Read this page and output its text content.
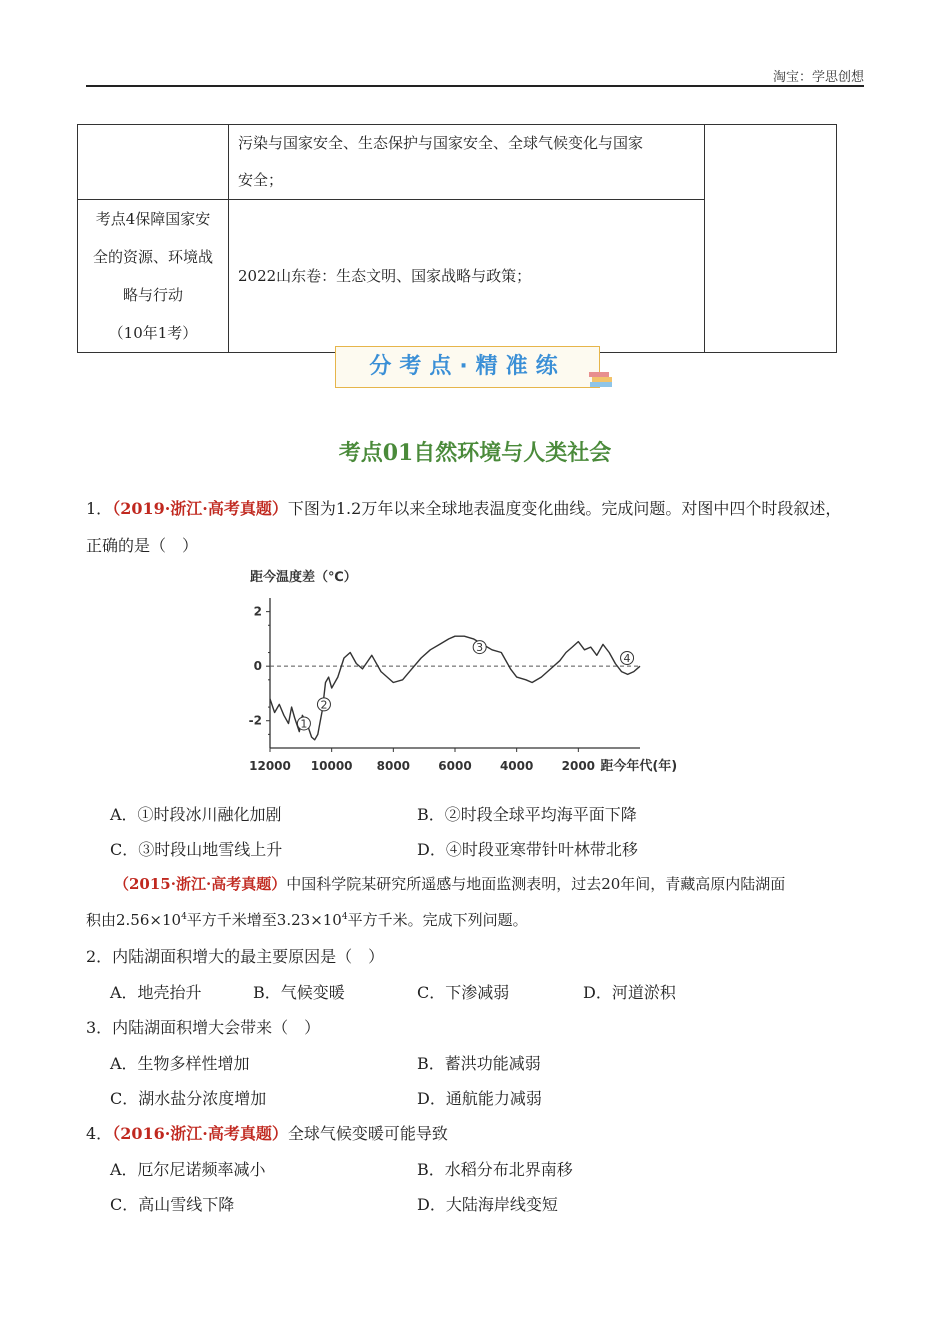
淘宝：学思创想

	污染与国家安全、生态保护与国家安全、全球气候变化与国家
安全；	

考点4保障国家安
全的资源、环境战
略与行动
（10年1考）	2022山东卷：生态文明、国家战略与政策；	
分考点·精准练
考点01自然环境与人类社会
1．（2019·浙江·高考真题）下图为1.2万年以来全球地表温度变化曲线。完成问题。对图中四个时段叙述，
正确的是（　）
距今温度差（℃）
2
0
-2
12000 10000 8000 6000 4000 2000 距今年代(年)
1
2
3
4
A．①时段冰川融化加剧	B．②时段全球平均海平面下降
C．③时段山地雪线上升	D．④时段亚寒带针叶林带北移
（2015·浙江·高考真题）中国科学院某研究所遥感与地面监测表明，过去20年间，青藏高原内陆湖面
积由$2.56\times 10^4$平方千米增至$3.23\times 10^4$平方千米。完成下列问题。
2．内陆湖面积增大的最主要原因是（　）
A．地壳抬升	B．气候变暖	C．下渗减弱	D．河道淤积
3．内陆湖面积增大会带来（　）
A．生物多样性增加	B．蓄洪功能减弱
C．湖水盐分浓度增加	D．通航能力减弱
4．（2016·浙江·高考真题）全球气候变暖可能导致
A．厄尔尼诺频率减小	B．水稻分布北界南移
C．高山雪线下降	D．大陆海岸线变短
